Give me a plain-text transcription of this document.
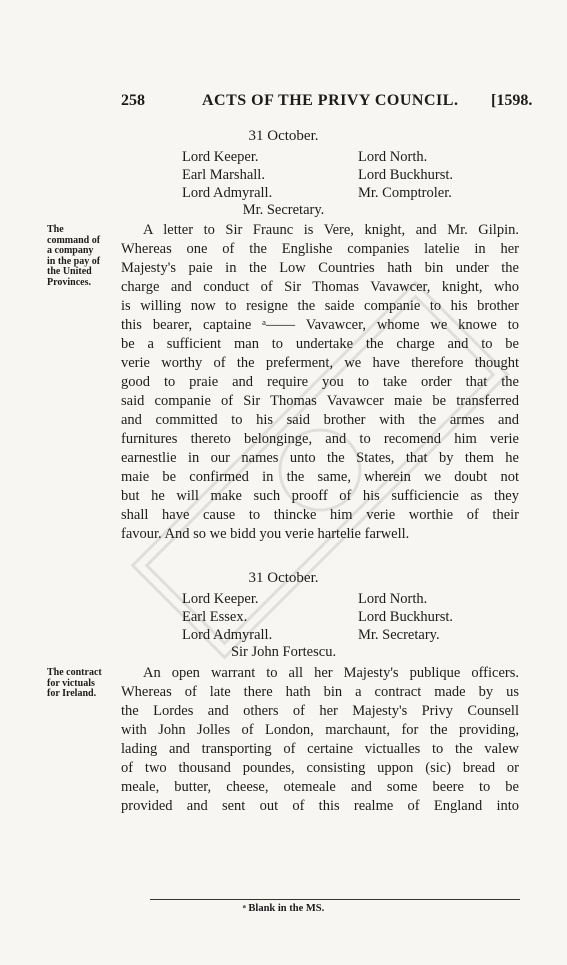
258	ACTS OF THE PRIVY COUNCIL. [1598.
31 October.
Lord Keeper.	Lord North.
Earl Marshall.	Lord Buckhurst.
Lord Admyrall.	Mr. Comptroler.
Mr. Secretary.
The
command of
a company
in the pay of
the United
Provinces.
A letter to Sir Fraunc is Vere, knight, and Mr. Gilpin.
Whereas one of the Englishe companies latelie in her
Majesty's paie in the Low Countries hath bin under the
charge and conduct of Sir Thomas Vavawcer, knight, who
is willing now to resigne the saide companie to his brother
this bearer, captaine ᵃ—— Vavawcer, whome we knowe to
be a sufficient man to undertake the charge and to be
verie worthy of the preferment, we have therefore thought
good to praie and require you to take order that the
said companie of Sir Thomas Vavawcer maie be transferred
and committed to his said brother with the armes and
furnitures thereto belonginge, and to recomend him verie
earnestlie in our names unto the States, that by them he
maie be confirmed in the same, wherein we doubt not
but he will make such prooff of his sufficiencie as they
shall have cause to thincke him verie worthie of their
favour. And so we bidd you verie hartelie farwell.
31 October.
Lord Keeper.	Lord North.
Earl Essex.	Lord Buckhurst.
Lord Admyrall.	Mr. Secretary.
Sir John Fortescu.
The contract
for victuals
for Ireland.
An open warrant to all her Majesty's publique officers.
Whereas of late there hath bin a contract made by us
the Lordes and others of her Majesty's Privy Counsell
with John Jolles of London, marchaunt, for the providing,
lading and transporting of certaine victualles to the valew
of two thousand poundes, consisting uppon (sic) bread or
meale, butter, cheese, otemeale and some beere to be
provided and sent out of this realme of England into
ᵃ Blank in the MS.
